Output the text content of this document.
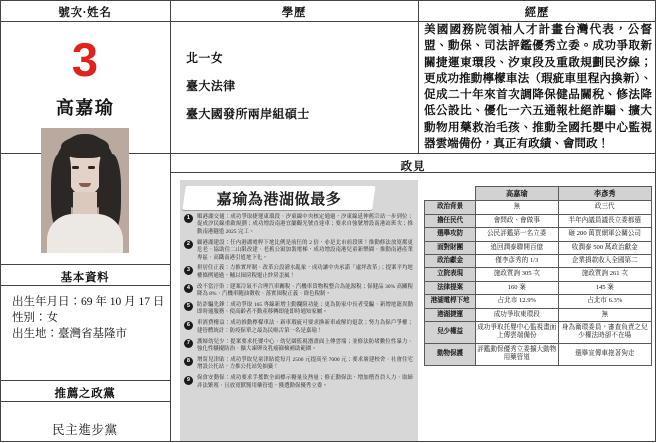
號次·姓名	學歷	經歷
3
高嘉瑜
基本資料
出生年月日：69 年 10 月 17 日
性別：女
出生地：臺灣省基隆市
推薦之政黨
民主進步黨
北一女
臺大法律
臺大國發所兩岸組碩士
美國國務院領袖人才計畫台灣代表，公督盟、動保、司法評鑑優秀立委。成功爭取新關捷運東環段、汐東段及重啟規劃民汐線；更成功推動檸檬車法（瑕疵車里程內換新）、促成二十年來首次調降保健品關稅、修法降低公設比、優化一六五通報杜絕詐騙、擴大動物用藥救治毛孩、推動全國托嬰中心監視器雲端備份，真正有政績、會問政！
政見
嘉瑜為港湖做最多
1	順港湖交通：成功爭取捷運東環段、汐東線中央核定通過，汐東線延伸舊宗站一步到位；促成汐民線重啟規劃；成功增設南港宜蘭觀光號直達車；要求自強號增設南港站班次；推動南港隧道 2025 完工。
2	顧港湖建設：任內港湖電桿下地比例是前任的 2 倍，亦是北市前段班！推動修法放寬都更危老、協助住二山限改建、老舊公寓加裝電梯，成功增設南港兒童新樂園、推動南港產業專區、高鐵南港引道地下化。
3	拼居住正義：力推實坪制、改革公設灌水亂象，成功讓中央承諾「虛坪改革」；提案平均地權條例通過，輔以囤房稅遏止炒房歪風！
4	改不當汙染：建案冷氣不合理汽車關稅、汽機車貨物稅整合為能源稅；保健品 30% 高關稅降為 8%、汽機車隨油徵收、落實囤稅正義、綠色稅制。
5	防詐騙先鋒：成功爭取 165 專線新增主動攔阻功能；更為防家中長者受騙、新增地籍異動即時通服務、使高齡者不動產移轉即能即時通知家屬。
6	車消費權益：成功推動檸檬車法、新車瑕疵可要求換新車或解約退款；努力為保戶爭權；建管體統計：防疫保單之最為民喉舌第一名是嘉瑜！
7	護婦幼兒少：提案要求托嬰中心、幼兒園監視器畫面上傳雲端；並修法防堵數位性暴力、強化性騷擾防治、擴大凍卵及乳癌篩檢補助範圍。
8	增育兒津貼：成功爭取兒童津貼從每月 2500 元提高至 7000 元；要求廣建校舍、社會住宅增設公托站，力推公托站免抽籤！
9	保食安動保：成功要求手搖飲全面標示糖量及熱量；修正動保法，增加稽查員人力、取締非法繁殖、且放寬獸醫用藥管道，獲選動保優秀立委。
	高嘉瑜	李彥秀
政治背景	無	政三代
擔任民代	會問政、會做事	半年內議員議長立委都選
選舉攻防	公民評鑑第一名立委	砸 200 萬買網軍公關公司
面對財團	追回潤泰聯開百億	收潤泰 500 萬政治獻金
政治獻金	僅李彥秀的 1/3	企業捐款收入全國第二
立院表現	施政質詢 305 次	施政質詢 261 次
法律提案	160 案	145 案
港湖電桿下地	占北市 12.9%	占北市 6.3%
港湖捷運	成功爭取東環段	無
兒少權益	成功爭取托嬰中心監視畫面上傳雲端備份	身為衛環委員，審查負責之兒少權法時卻不在場
動物保護	評鑑動保優秀立委擴大動物用藥管道	選舉宣傳車拖著狗走
